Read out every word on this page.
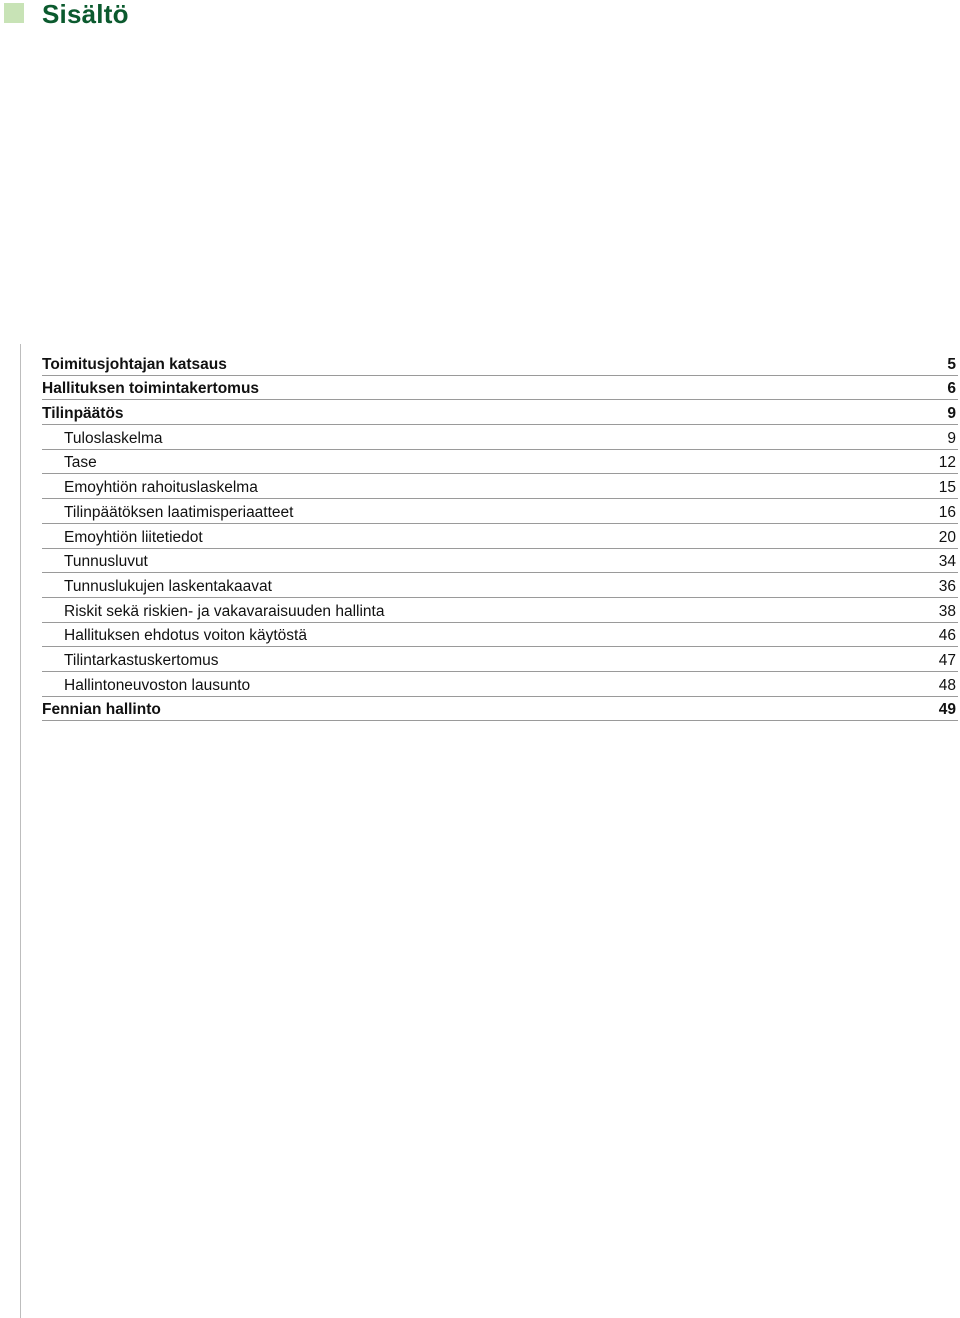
Sisältö
Toimitusjohtajan katsaus	5
Hallituksen toimintakertomus	6
Tilinpäätös	9
Tuloslaskelma	9
Tase	12
Emoyhtiön rahoituslaskelma	15
Tilinpäätöksen laatimisperiaatteet	16
Emoyhtiön liitetiedot	20
Tunnusluvut	34
Tunnuslukujen laskentakaavat	36
Riskit sekä riskien- ja vakavaraisuuden hallinta	38
Hallituksen ehdotus voiton käytöstä	46
Tilintarkastuskertomus	47
Hallintoneuvoston lausunto	48
Fennian hallinto	49
